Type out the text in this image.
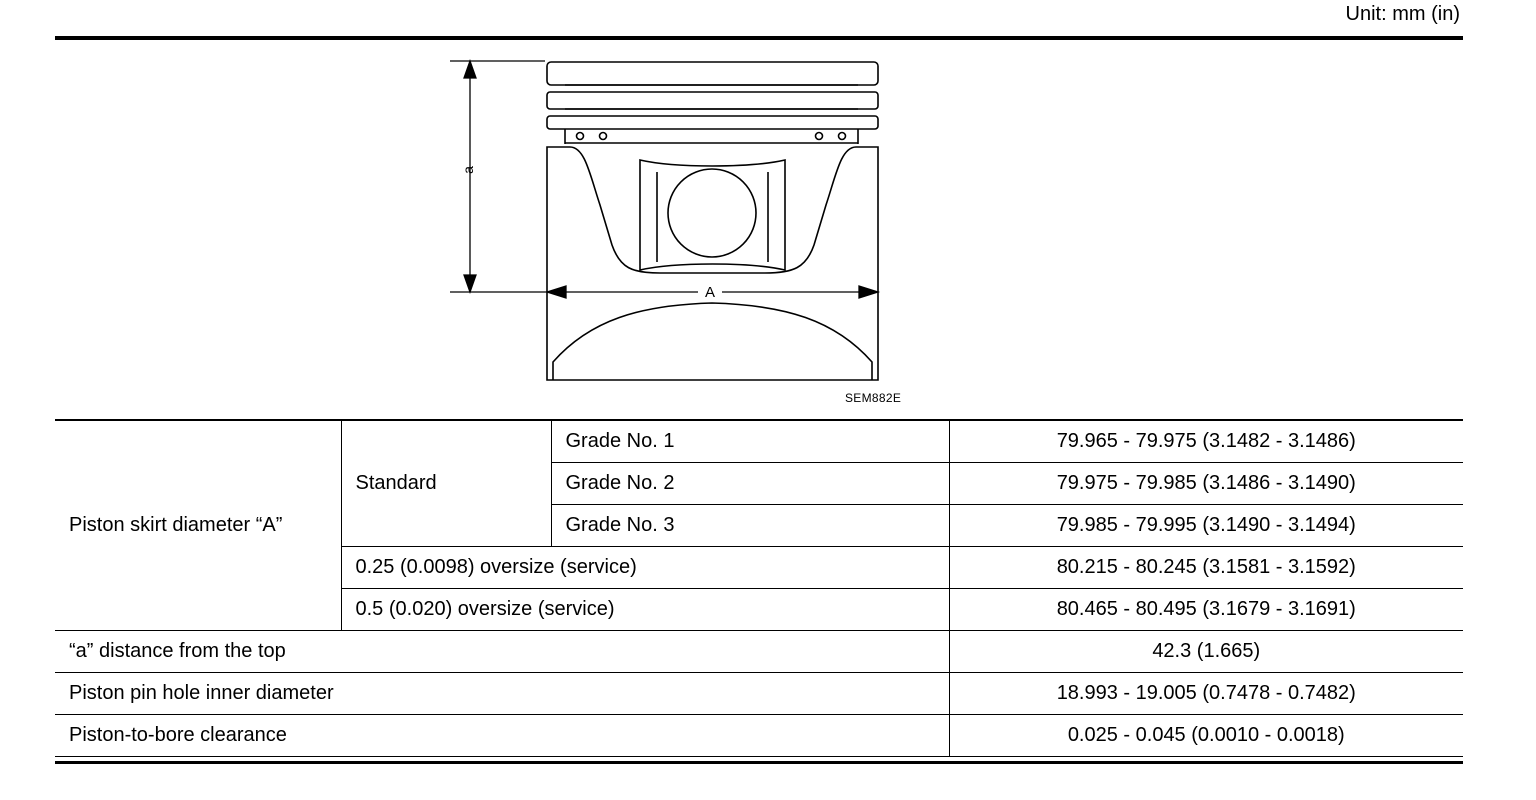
Unit: mm (in)
a
A
SEM882E
Piston skirt diameter “A”	Standard	Grade No. 1	79.965 - 79.975 (3.1482 - 3.1486)
		Grade No. 2	79.975 - 79.985 (3.1486 - 3.1490)
		Grade No. 3	79.985 - 79.995 (3.1490 - 3.1494)
	0.25 (0.0098) oversize (service)		80.215 - 80.245 (3.1581 - 3.1592)
	0.5 (0.020) oversize (service)		80.465 - 80.495 (3.1679 - 3.1691)
“a” distance from the top			42.3 (1.665)
Piston pin hole inner diameter			18.993 - 19.005 (0.7478 - 0.7482)
Piston-to-bore clearance			0.025 - 0.045 (0.0010 - 0.0018)
